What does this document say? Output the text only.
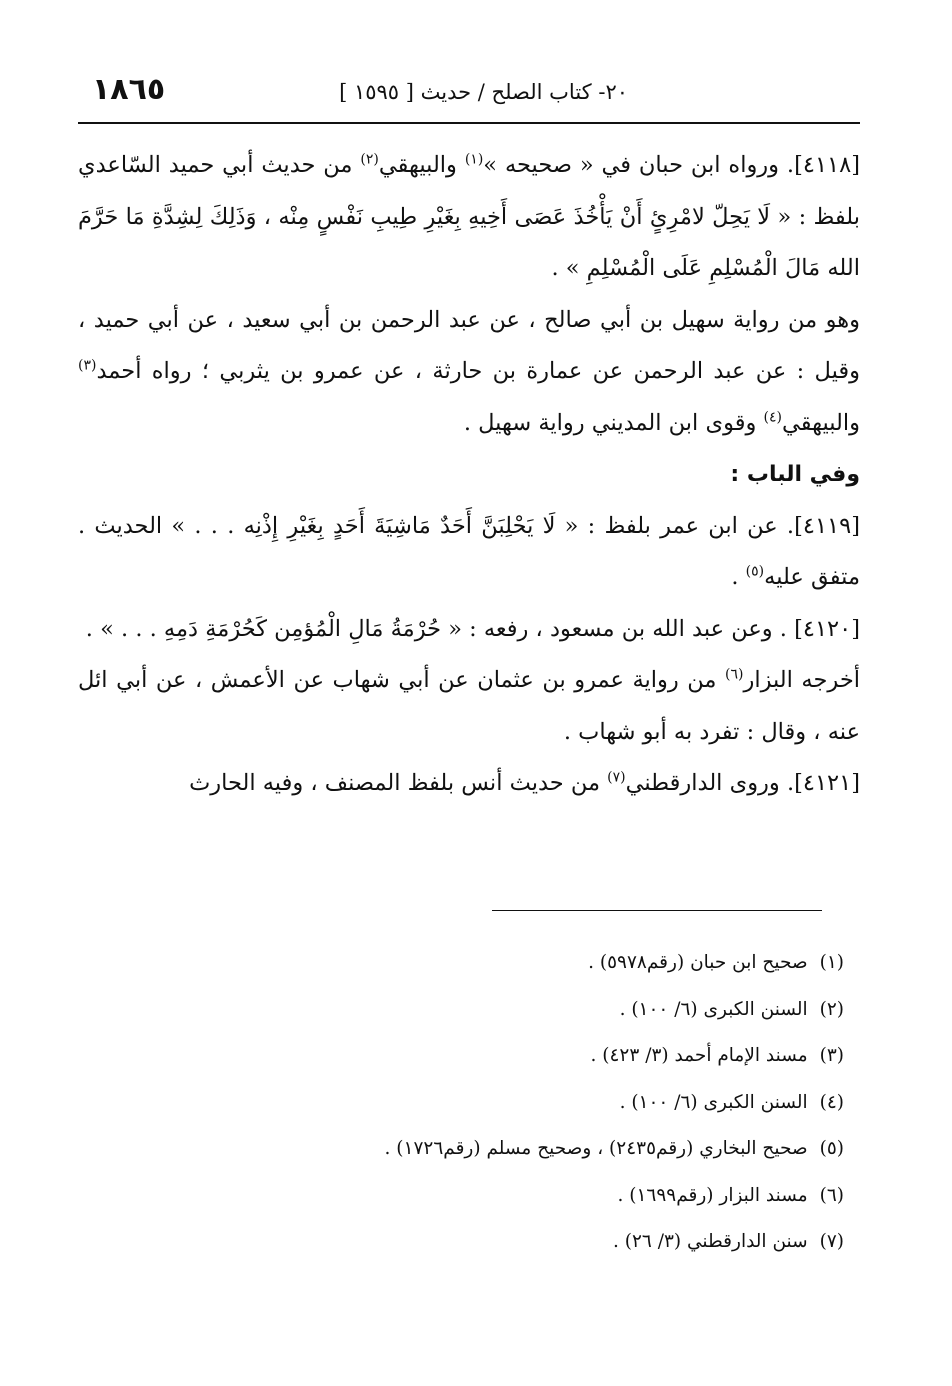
١٨٦٥	٢٠- كتاب الصلح / حديث [ ١٥٩٥ ]

[٤١١٨]. ورواه ابن حبان في « صحيحه »$^{(١)}$ والبيهقي$^{(٢)}$ من حديث أبي حميد السّاعدي بلفظ : « لَا يَحِلّ لامْرِئٍ أَنْ يَأْخُذَ عَصَى أَخِيهِ بِغَيْرِ طِيبِ نَفْسٍ مِنْه ، وَذَلِكَ لِشِدَّةِ مَا حَرَّمَ الله مَالَ الْمُسْلِمِ عَلَى الْمُسْلِمِ » .

وهو من رواية سهيل بن أبي صالح ، عن عبد الرحمن بن أبي سعيد ، عن أبي حميد ، وقيل : عن عبد الرحمن عن عمارة بن حارثة ، عن عمرو بن يثربي ؛ رواه أحمد$^{(٣)}$ والبيهقي$^{(٤)}$ وقوى ابن المديني رواية سهيل .

وفي الباب :

[٤١١٩]. عن ابن عمر بلفظ : « لَا يَحْلِبَنَّ أَحَدٌ مَاشِيَةَ أَحَدٍ بِغَيْرِ إِذْنِه . . . » الحديث . متفق عليه$^{(٥)}$ .

[٤١٢٠] . وعن عبد الله بن مسعود ، رفعه : « حُرْمَةُ مَالِ الْمُؤمِن كَحُرْمَةِ دَمِهِ . . . » .

أخرجه البزار$^{(٦)}$ من رواية عمرو بن عثمان عن أبي شهاب عن الأعمش ، عن أبي ائل عنه ، وقال : تفرد به أبو شهاب .

[٤١٢١]. وروى الدارقطني$^{(٧)}$ من حديث أنس بلفظ المصنف ، وفيه الحارث

(١)صحيح ابن حبان (رقم٥٩٧٨) .
(٢)السنن الكبرى (٦/ ١٠٠) .
(٣)مسند الإمام أحمد (٣/ ٤٢٣) .
(٤)السنن الكبرى (٦/ ١٠٠) .
(٥)صحيح البخاري (رقم٢٤٣٥) ، وصحيح مسلم (رقم١٧٢٦) .
(٦)مسند البزار (رقم١٦٩٩) .
(٧)سنن الدارقطني (٣/ ٢٦) .
